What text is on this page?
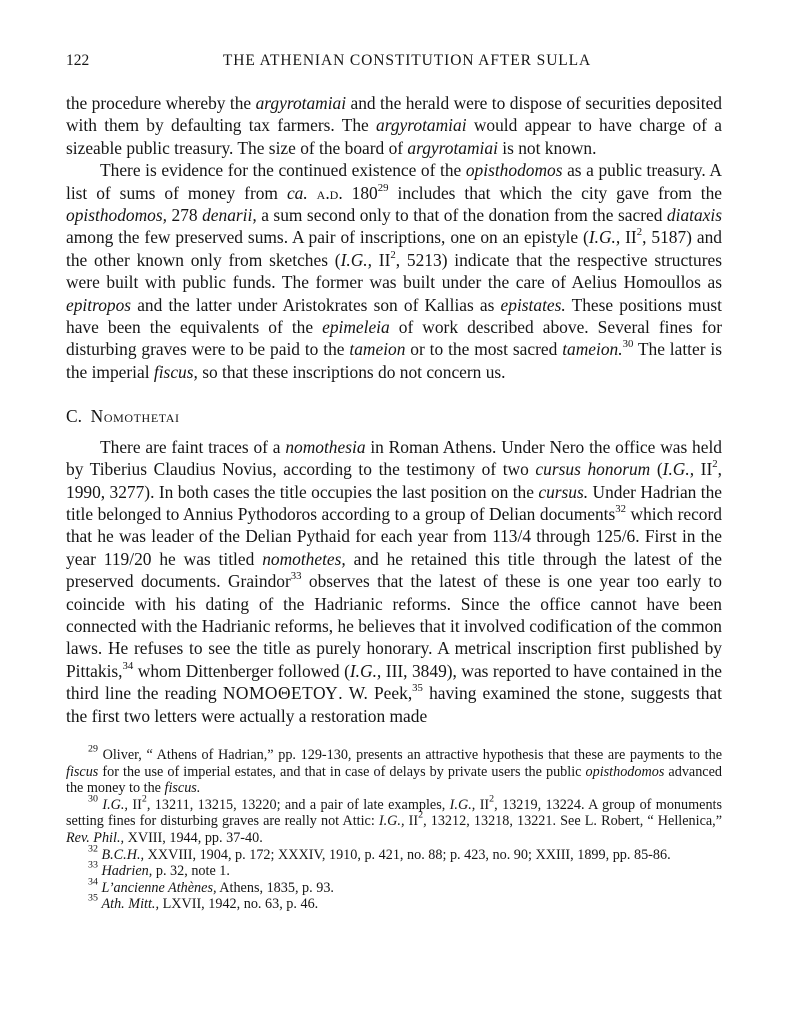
122	THE ATHENIAN CONSTITUTION AFTER SULLA

the procedure whereby the argyrotamiai and the herald were to dispose of securities deposited with them by defaulting tax farmers. The argyrotamiai would appear to have charge of a sizeable public treasury. The size of the board of argyrotamiai is not known.

There is evidence for the continued existence of the opisthodomos as a public treasury. A list of sums of money from ca. a.d. $180^{29}$ includes that which the city gave from the opisthodomos, 278 denarii, a sum second only to that of the donation from the sacred diataxis among the few preserved sums. A pair of inscriptions, one on an epistyle (I.G., $II^2$, 5187) and the other known only from sketches (I.G., $II^2$, 5213) indicate that the respective structures were built with public funds. The former was built under the care of Aelius Homoullos as epitropos and the latter under Aristokrates son of Kallias as epistates. These positions must have been the equivalents of the epimeleia of work described above. Several fines for disturbing graves were to be paid to the tameion or to the most sacred tameion.$^{30}$ The latter is the imperial fiscus, so that these inscriptions do not concern us.

C. Nomothetai

There are faint traces of a nomothesia in Roman Athens. Under Nero the office was held by Tiberius Claudius Novius, according to the testimony of two cursus honorum (I.G., $II^2$, 1990, 3277). In both cases the title occupies the last position on the cursus. Under Hadrian the title belonged to Annius Pythodoros according to a group of Delian documents$^{32}$ which record that he was leader of the Delian Pythaid for each year from 113/4 through 125/6. First in the year 119/20 he was titled nomothetes, and he retained this title through the latest of the preserved documents. Graindor$^{33}$ observes that the latest of these is one year too early to coincide with his dating of the Hadrianic reforms. Since the office cannot have been connected with the Hadrianic reforms, he believes that it involved codification of the common laws. He refuses to see the title as purely honorary. A metrical inscription first published by Pittakis,$^{34}$ whom Dittenberger followed (I.G., III, 3849), was reported to have contained in the third line the reading ΝΟΜΟΘΕΤΟΥ. W. Peek,$^{35}$ having examined the stone, suggests that the first two letters were actually a restoration made

$^{29}$ Oliver, “ Athens of Hadrian,” pp. 129-130, presents an attractive hypothesis that these are payments to the fiscus for the use of imperial estates, and that in case of delays by private users the public opisthodomos advanced the money to the fiscus.

$^{30}$ I.G., $II^2$, 13211, 13215, 13220; and a pair of late examples, I.G., $II^2$, 13219, 13224. A group of monuments setting fines for disturbing graves are really not Attic: I.G., $II^2$, 13212, 13218, 13221. See L. Robert, “ Hellenica,” Rev. Phil., XVIII, 1944, pp. 37-40.

$^{32}$ B.C.H., XXVIII, 1904, p. 172; XXXIV, 1910, p. 421, no. 88; p. 423, no. 90; XXIII, 1899, pp. 85-86.

$^{33}$ Hadrien, p. 32, note 1.

$^{34}$ L’ancienne Athènes, Athens, 1835, p. 93.

$^{35}$ Ath. Mitt., LXVII, 1942, no. 63, p. 46.
